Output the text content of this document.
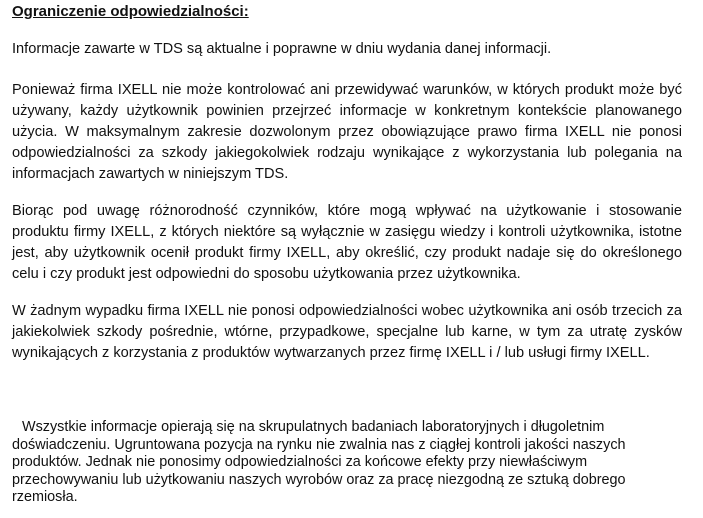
Ograniczenie odpowiedzialności:

Informacje zawarte w TDS są aktualne i poprawne w dniu wydania danej informacji.

Ponieważ firma IXELL nie może kontrolować ani przewidywać warunków, w których produkt może być używany, każdy użytkownik powinien przejrzeć informacje w konkretnym kontekście planowanego użycia. W maksymalnym zakresie dozwolonym przez obowiązujące prawo firma IXELL nie ponosi odpowiedzialności za szkody jakiegokolwiek rodzaju wynikające z wykorzystania lub polegania na informacjach zawartych w niniejszym TDS.

Biorąc pod uwagę różnorodność czynników, które mogą wpływać na użytkowanie i stosowanie produktu firmy IXELL, z których niektóre są wyłącznie w zasięgu wiedzy i kontroli użytkownika, istotne jest, aby użytkownik ocenił produkt firmy IXELL, aby określić, czy produkt nadaje się do określonego celu i czy produkt jest odpowiedni do sposobu użytkowania przez użytkownika.

W żadnym wypadku firma IXELL nie ponosi odpowiedzialności wobec użytkownika ani osób trzecich za jakiekolwiek szkody pośrednie, wtórne, przypadkowe, specjalne lub karne, w tym za utratę zysków wynikających z korzystania z produktów wytwarzanych przez firmę IXELL i / lub usługi firmy IXELL.

Wszystkie informacje opierają się na skrupulatnych badaniach laboratoryjnych i długoletnim doświadczeniu. Ugruntowana pozycja na rynku nie zwalnia nas z ciągłej kontroli jakości naszych produktów. Jednak nie ponosimy odpowiedzialności za końcowe efekty przy niewłaściwym przechowywaniu lub użytkowaniu naszych wyrobów oraz za pracę niezgodną ze sztuką dobrego rzemiosła.
